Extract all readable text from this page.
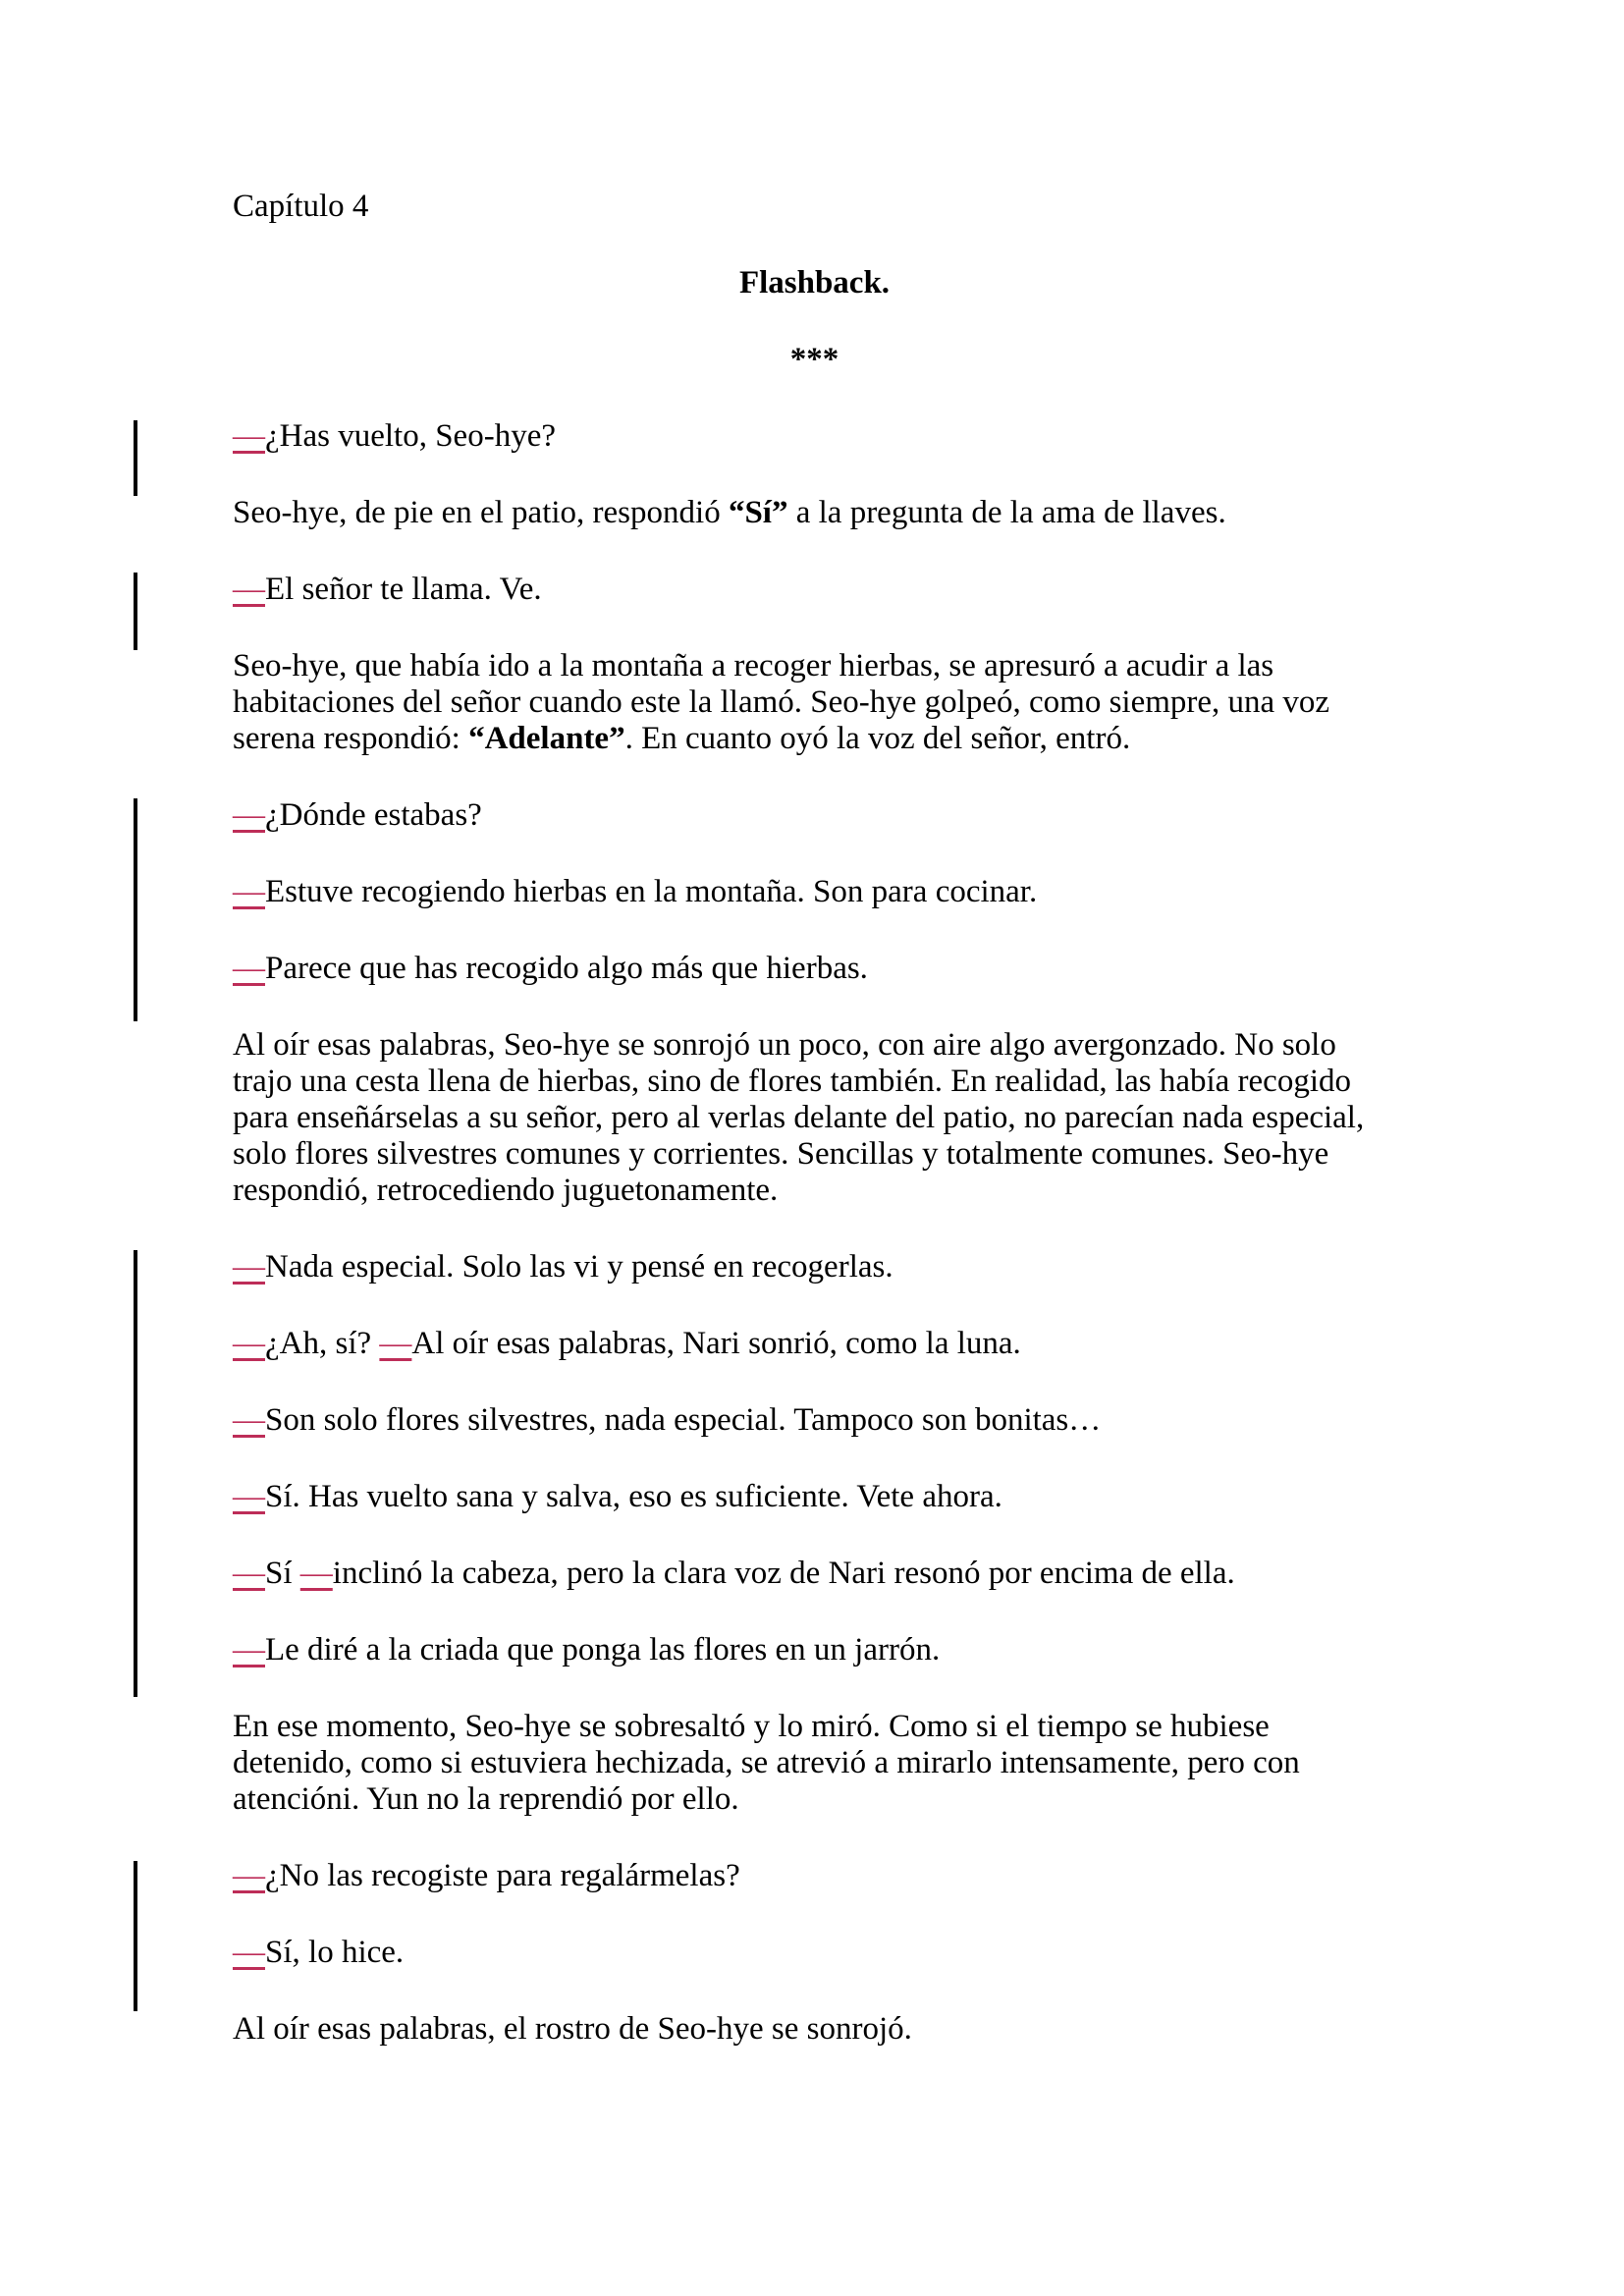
Capítulo 4
Flashback.
***
—¿Has vuelto, Seo-hye?
Seo-hye, de pie en el patio, respondió “Sí” a la pregunta de la ama de llaves.
—El señor te llama. Ve.
Seo-hye, que había ido a la montaña a recoger hierbas, se apresuró a acudir a las
habitaciones del señor cuando este la llamó. Seo-hye golpeó, como siempre, una voz
serena respondió: “Adelante”. En cuanto oyó la voz del señor, entró.
—¿Dónde estabas?
—Estuve recogiendo hierbas en la montaña. Son para cocinar.
—Parece que has recogido algo más que hierbas.
Al oír esas palabras, Seo-hye se sonrojó un poco, con aire algo avergonzado. No solo
trajo una cesta llena de hierbas, sino de flores también. En realidad, las había recogido
para enseñárselas a su señor, pero al verlas delante del patio, no parecían nada especial,
solo flores silvestres comunes y corrientes. Sencillas y totalmente comunes. Seo-hye
respondió, retrocediendo juguetonamente.
—Nada especial. Solo las vi y pensé en recogerlas.
—¿Ah, sí? —Al oír esas palabras, Nari sonrió, como la luna.
—Son solo flores silvestres, nada especial. Tampoco son bonitas…
—Sí. Has vuelto sana y salva, eso es suficiente. Vete ahora.
—Sí —inclinó la cabeza, pero la clara voz de Nari resonó por encima de ella.
—Le diré a la criada que ponga las flores en un jarrón.
En ese momento, Seo-hye se sobresaltó y lo miró. Como si el tiempo se hubiese
detenido, como si estuviera hechizada, se atrevió a mirarlo intensamente, pero con
atencióni. Yun no la reprendió por ello.
—¿No las recogiste para regalármelas?
—Sí, lo hice.
Al oír esas palabras, el rostro de Seo-hye se sonrojó.
